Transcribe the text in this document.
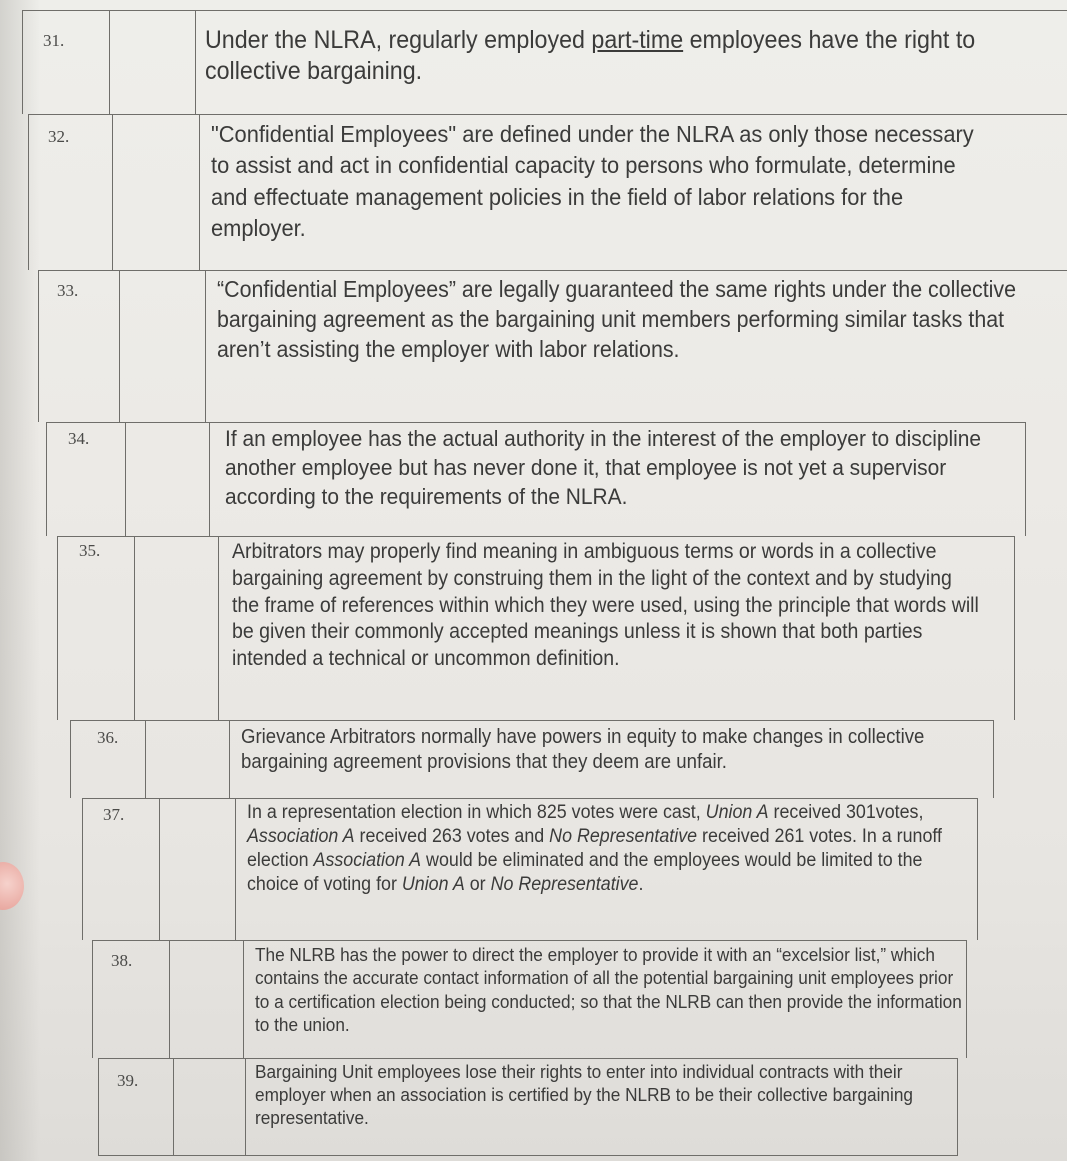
31.	Under the NLRA, regularly employed part-time employees have the right to collective bargaining.
32.	"Confidential Employees" are defined under the NLRA as only those necessary to assist and act in confidential capacity to persons who formulate, determine and effectuate management policies in the field of labor relations for the employer.
33.	“Confidential Employees” are legally guaranteed the same rights under the collective bargaining agreement as the bargaining unit members performing similar tasks that aren’t assisting the employer with labor relations.
34.	If an employee has the actual authority in the interest of the employer to discipline another employee but has never done it, that employee is not yet a supervisor according to the requirements of the NLRA.
35.	Arbitrators may properly find meaning in ambiguous terms or words in a collective bargaining agreement by construing them in the light of the context and by studying the frame of references within which they were used, using the principle that words will be given their commonly accepted meanings unless it is shown that both parties intended a technical or uncommon definition.
36.	Grievance Arbitrators normally have powers in equity to make changes in collective bargaining agreement provisions that they deem are unfair.
37.	In a representation election in which 825 votes were cast, Union A received 301votes, Association A received 263 votes and No Representative received 261 votes. In a runoff election Association A would be eliminated and the employees would be limited to the choice of voting for Union A or No Representative.
38.	The NLRB has the power to direct the employer to provide it with an “excelsior list,” which contains the accurate contact information of all the potential bargaining unit employees prior to a certification election being conducted; so that the NLRB can then provide the information to the union.
39.	Bargaining Unit employees lose their rights to enter into individual contracts with their employer when an association is certified by the NLRB to be their collective bargaining representative.
